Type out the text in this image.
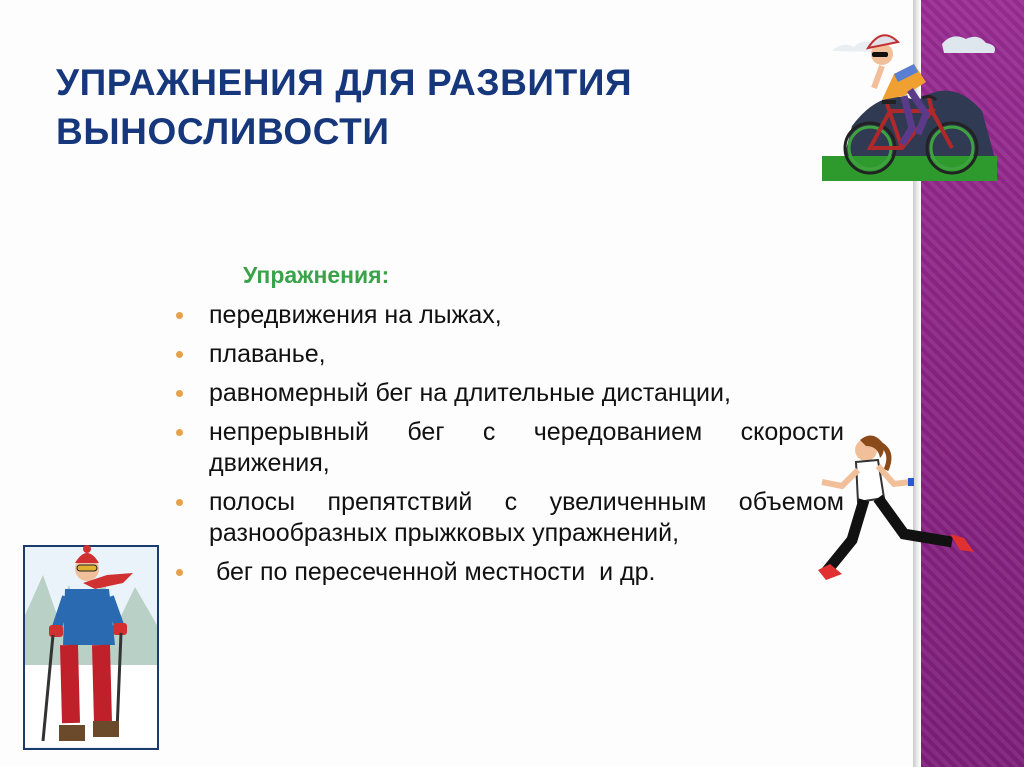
УПРАЖНЕНИЯ ДЛЯ РАЗВИТИЯ
ВЫНОСЛИВОСТИ
Упражнения:
передвижения на лыжах,
плаванье,
равномерный бег на длительные дистанции,
непрерывный бег с чередованием скорости движения,
полосы препятствий с увеличенным объемом разнообразных прыжковых упражнений,
бег по пересеченной местности  и др.
